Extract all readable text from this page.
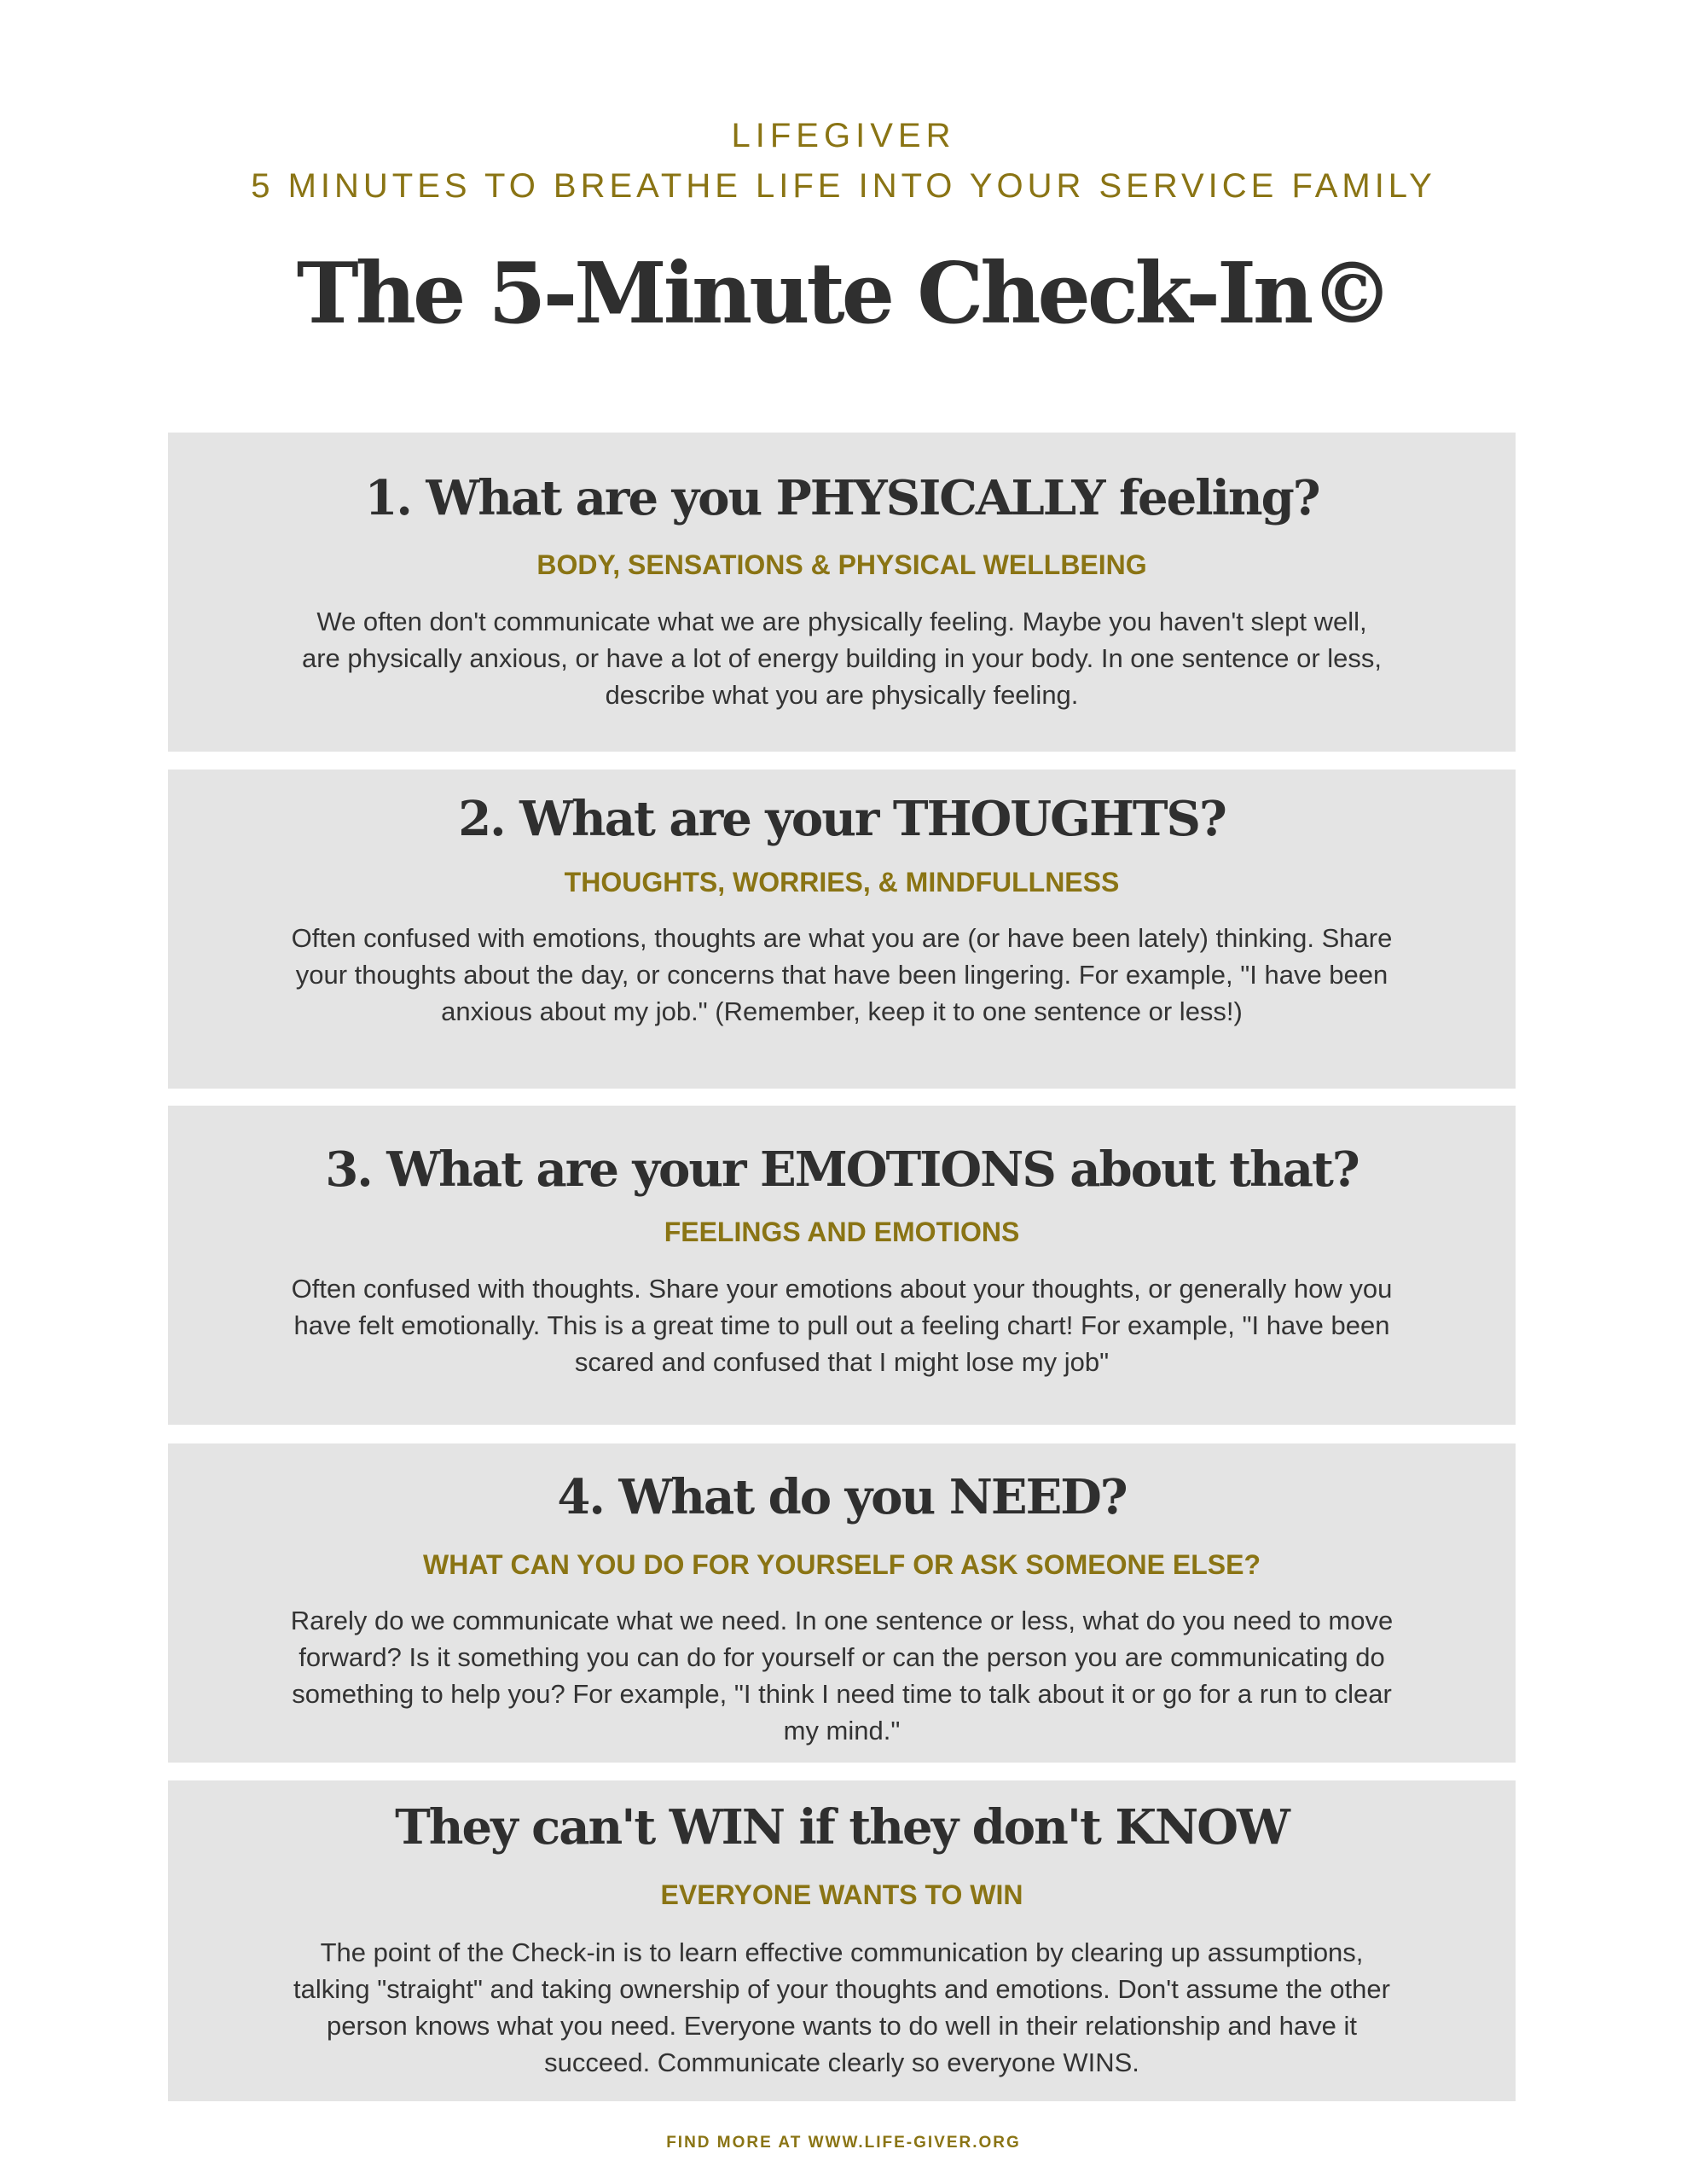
LIFEGIVER
5 MINUTES TO BREATHE LIFE INTO YOUR SERVICE FAMILY
The 5-Minute Check-In©
1. What are you PHYSICALLY feeling?
BODY, SENSATIONS & PHYSICAL WELLBEING
We often don't communicate what we are physically feeling. Maybe you haven't slept well, are physically anxious, or have a lot of energy building in your body. In one sentence or less, describe what you are physically feeling.
2. What are your THOUGHTS?
THOUGHTS, WORRIES, & MINDFULLNESS
Often confused with emotions, thoughts are what you are (or have been lately) thinking. Share your thoughts about the day, or concerns that have been lingering. For example, "I have been anxious about my job." (Remember, keep it to one sentence or less!)
3. What are your EMOTIONS about that?
FEELINGS AND EMOTIONS
Often confused with thoughts. Share your emotions about your thoughts, or generally how you have felt emotionally. This is a great time to pull out a feeling chart! For example, "I have been scared and confused that I might lose my job"
4. What do you NEED?
WHAT CAN YOU DO FOR YOURSELF OR ASK SOMEONE ELSE?
Rarely do we communicate what we need. In one sentence or less, what do you need to move forward? Is it something you can do for yourself or can the person you are communicating do something to help you? For example, "I think I need time to talk about it or go for a run to clear my mind."
They can't WIN if they don't KNOW
EVERYONE WANTS TO WIN
The point of the Check-in is to learn effective communication by clearing up assumptions, talking "straight" and taking ownership of your thoughts and emotions. Don't assume the other person knows what you need. Everyone wants to do well in their relationship and have it succeed. Communicate clearly so everyone WINS.
FIND MORE AT WWW.LIFE-GIVER.ORG
